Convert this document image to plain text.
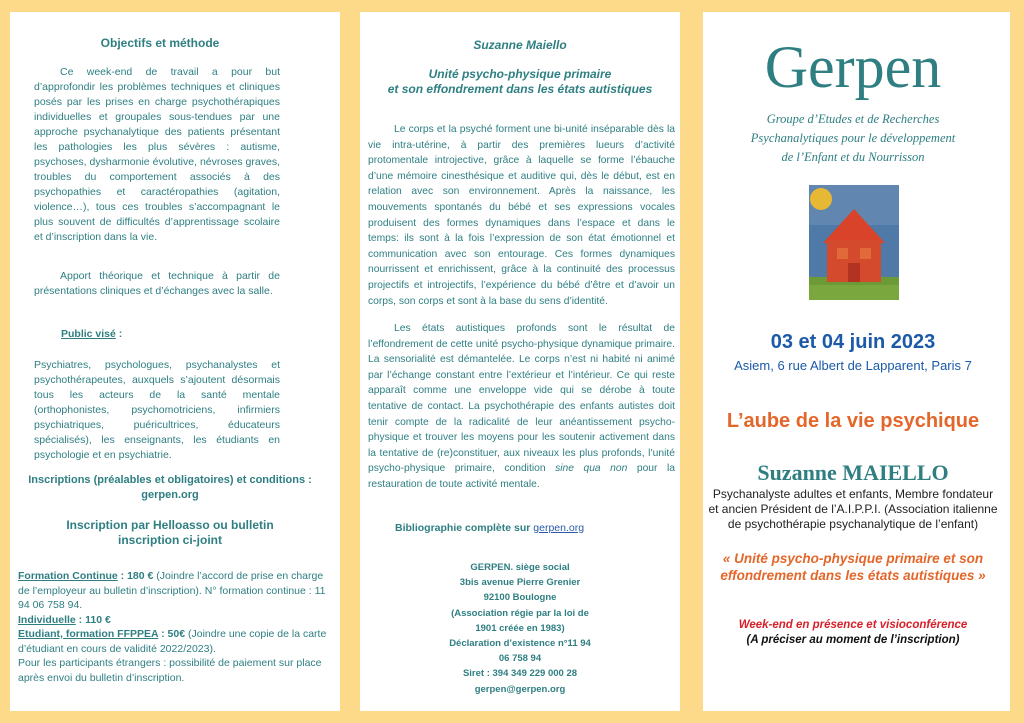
Objectifs et méthode

Ce week-end de travail a pour but d’approfondir les problèmes techniques et cliniques posés par les prises en charge psychothérapiques individuelles et groupales sous-tendues par une approche psychanalytique des patients présentant les pathologies les plus sévères : autisme, psychoses, dysharmonie évolutive, névroses graves, troubles du comportement associés à des psychopathies et caractéropathies (agitation, violence…), tous ces troubles s’accompagnant le plus souvent de difficultés d’apprentissage scolaire et d’inscription dans la vie.

Apport théorique et technique à partir de présentations cliniques et d’échanges avec la salle.

Public visé :

Psychiatres, psychologues, psychanalystes et psychothérapeutes, auxquels s’ajoutent désormais tous les acteurs de la santé mentale (orthophonistes, psychomotriciens, infirmiers psychiatriques, puéricultrices, éducateurs spécialisés), les enseignants, les étudiants en psychologie et en psychiatrie.

Inscriptions (préalables et obligatoires) et conditions :
gerpen.org
Inscription par Helloasso ou bulletin
inscription ci-joint

Formation Continue : 180 € (Joindre l’accord de prise en charge de l’employeur au bulletin d’inscription). N° formation continue : 11 94 06 758 94.

Individuelle : 110 €

Etudiant, formation FFPPEA : 50€ (Joindre une copie de la carte d’étudiant en cours de validité 2022/2023).

Pour les participants étrangers : possibilité de paiement sur place après envoi du bulletin d’inscription.

Suzanne Maiello
Unité psycho-physique primaire
et son effondrement dans les états autistiques

Le corps et la psyché forment une bi-unité inséparable dès la vie intra-utérine, à partir des premières lueurs d’activité protomentale introjective, grâce à laquelle se forme l’ébauche d’une mémoire cinesthésique et auditive qui, dès le début, est en relation avec son environnement. Après la naissance, les mouvements spontanés du bébé et ses expressions vocales produisent des formes dynamiques dans l’espace et dans le temps: ils sont à la fois l’expression de son état émotionnel et communication avec son entourage. Ces formes dynamiques nourrissent et enrichissent, grâce à la continuité des processus projectifs et introjectifs, l’expérience du bébé d’être et d’avoir un corps, son corps et sont à la base du sens d’identité.

Les états autistiques profonds sont le résultat de l’effondrement de cette unité psycho-physique dynamique primaire. La sensorialité est démantelée. Le corps n’est ni habité ni animé par l’échange constant entre l’extérieur et l’intérieur. Ce qui reste apparaît comme une enveloppe vide qui se dérobe à toute tentative de contact. La psychothérapie des enfants autistes doit tenir compte de la radicalité de leur anéantissement psycho-physique et trouver les moyens pour les soutenir activement dans la tentative de (re)constituer, aux niveaux les plus profonds, l’unité psycho-physique primaire, condition sine qua non pour la restauration de toute activité mentale.

Bibliographie complète sur gerpen.org
GERPEN. siège social
3bis avenue Pierre Grenier
92100 Boulogne
(Association régie par la loi de
1901 créée en 1983)
Déclaration d’existence n°11 94
06 758 94
Siret : 394 349 229 000 28
gerpen@gerpen.org
Gerpen
Groupe d’Etudes et de Recherches
Psychanalytiques pour le développement
de l’Enfant et du Nourrisson
03 et 04 juin 2023
Asiem, 6 rue Albert de Lapparent, Paris 7
L’aube de la vie psychique
Suzanne MAIELLO
Psychanalyste adultes et enfants, Membre fondateur
et ancien Président de l’A.I.P.P.I. (Association italienne
de psychothérapie psychanalytique de l’enfant)
« Unité psycho-physique primaire et son
effondrement dans les états autistiques »
Week-end en présence et visioconférence
(A préciser au moment de l’inscription)
